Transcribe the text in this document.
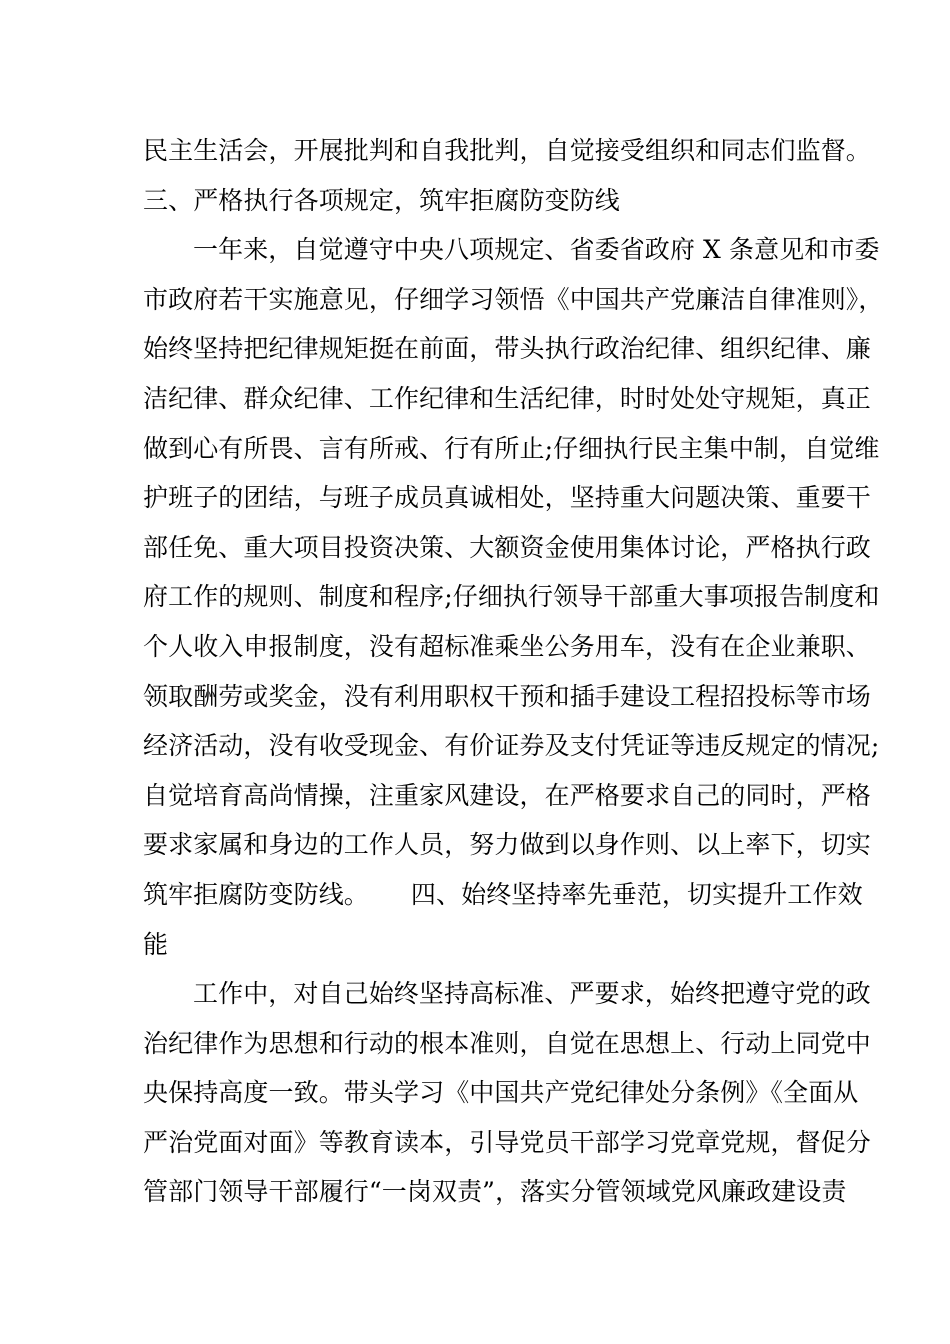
民主生活会，开展批判和自我批判，自觉接受组织和同志们监督。
三、严格执行各项规定，筑牢拒腐防变防线
一年来，自觉遵守中央八项规定、省委省政府 X 条意见和市委
市政府若干实施意见，仔细学习领悟《中国共产党廉洁自律准则》，
始终坚持把纪律规矩挺在前面，带头执行政治纪律、组织纪律、廉
洁纪律、群众纪律、工作纪律和生活纪律，时时处处守规矩，真正
做到心有所畏、言有所戒、行有所止;仔细执行民主集中制，自觉维
护班子的团结，与班子成员真诚相处，坚持重大问题决策、重要干
部任免、重大项目投资决策、大额资金使用集体讨论，严格执行政
府工作的规则、制度和程序;仔细执行领导干部重大事项报告制度和
个人收入申报制度，没有超标准乘坐公务用车，没有在企业兼职、
领取酬劳或奖金，没有利用职权干预和插手建设工程招投标等市场
经济活动，没有收受现金、有价证券及支付凭证等违反规定的情况;
自觉培育高尚情操，注重家风建设，在严格要求自己的同时，严格
要求家属和身边的工作人员，努力做到以身作则、以上率下，切实
筑牢拒腐防变防线。 四、始终坚持率先垂范，切实提升工作效
能
工作中，对自己始终坚持高标准、严要求，始终把遵守党的政
治纪律作为思想和行动的根本准则，自觉在思想上、行动上同党中
央保持高度一致。带头学习《中国共产党纪律处分条例》《全面从
严治党面对面》等教育读本，引导党员干部学习党章党规，督促分
管部门领导干部履行“一岗双责”，落实分管领域党风廉政建设责
